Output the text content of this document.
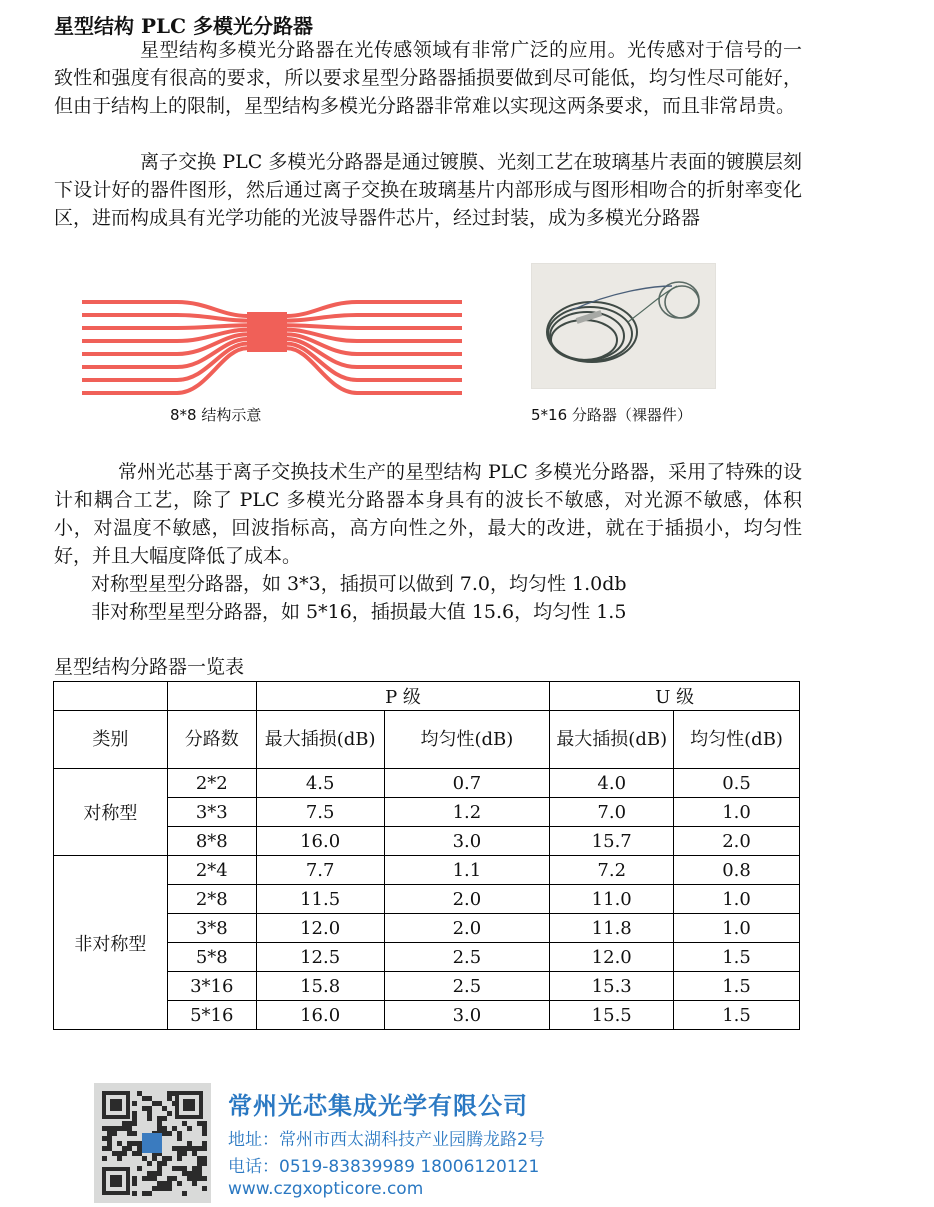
星型结构 PLC 多模光分路器

星型结构多模光分路器在光传感领域有非常广泛的应用。光传感对于信号的一致性和强度有很高的要求，所以要求星型分路器插损要做到尽可能低，均匀性尽可能好，但由于结构上的限制，星型结构多模光分路器非常难以实现这两条要求，而且非常昂贵。

离子交换 PLC 多模光分路器是通过镀膜、光刻工艺在玻璃基片表面的镀膜层刻下设计好的器件图形，然后通过离子交换在玻璃基片内部形成与图形相吻合的折射率变化区，进而构成具有光学功能的光波导器件芯片，经过封装，成为多模光分路器

8*8 结构示意	5*16 分路器（裸器件）

常州光芯基于离子交换技术生产的星型结构 PLC 多模光分路器，采用了特殊的设计和耦合工艺，除了 PLC 多模光分路器本身具有的波长不敏感，对光源不敏感，体积小，对温度不敏感，回波指标高，高方向性之外，最大的改进，就在于插损小，均匀性好，并且大幅度降低了成本。

对称型星型分路器，如 3*3，插损可以做到 7.0，均匀性 1.0db
非对称型星型分路器，如 5*16，插损最大值 15.6，均匀性 1.5
星型结构分路器一览表
		P 级		U 级	
类别	分路数	最大插损(dB)	均匀性(dB)	最大插损(dB)	均匀性(dB)
对称型	2*2	4.5	0.7	4.0	0.5
	3*3	7.5	1.2	7.0	1.0
	8*8	16.0	3.0	15.7	2.0
非对称型	2*4	7.7	1.1	7.2	0.8
	2*8	11.5	2.0	11.0	1.0
	3*8	12.0	2.0	11.8	1.0
	5*8	12.5	2.5	12.0	1.5
	3*16	15.8	2.5	15.3	1.5
	5*16	16.0	3.0	15.5	1.5
常州光芯集成光学有限公司
地址：常州市西太湖科技产业园腾龙路2号
电话：0519-83839989 18006120121
www.czgxopticore.com
